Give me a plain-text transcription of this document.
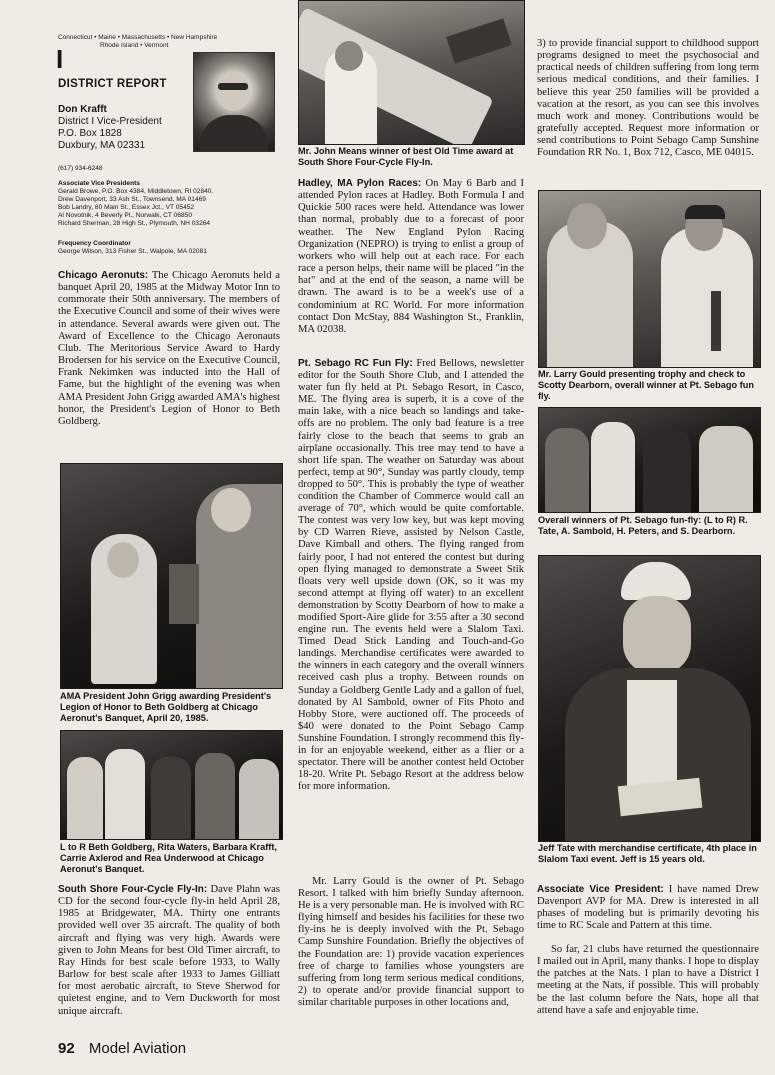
Connecticut • Maine • Massachusetts • New Hampshire
Rhode Island • Vermont
I
DISTRICT REPORT
Don Krafft
District I Vice-President
P.O. Box 1828
Duxbury, MA 02331
(617) 934-6248
Associate Vice Presidents
Gerald Browe, P.O. Box 4384, Middletown, RI 02840.
Drew Davenport, 33 Ash St., Townsend, MA 01469
Bob Landry, 80 Main St., Essex Jct., VT 05452
Al Novotnik, 4 Beverly Pl., Norwalk, CT 06850
Richard Sherman, 28 High St., Plymouth, NH 03264
Frequency Coordinator
George Wilson, 313 Fisher St., Walpole, MA 02081

Chicago Aeronuts: The Chicago Aeronuts held a banquet April 20, 1985 at the Midway Motor Inn to commorate their 50th anniversary. The members of the Executive Council and some of their wives were in attendance. Several awards were given out. The Award of Excellence to the Chicago Aeronauts Club. The Meritorious Service Award to Hardy Brodersen for his service on the Executive Council, Frank Nekimken was inducted into the Hall of Fame, but the highlight of the evening was when AMA President John Grigg awarded AMA's highest honor, the President's Legion of Honor to Beth Goldberg.

AMA President John Grigg awarding President's Legion of Honor to Beth Goldberg at Chicago Aeronut's Banquet, April 20, 1985.

L to R Beth Goldberg, Rita Waters, Barbara Krafft, Carrie Axlerod and Rea Underwood at Chicago Aeronut's Banquet.

South Shore Four-Cycle Fly-In: Dave Plahn was CD for the second four-cycle fly-in held April 28, 1985 at Bridgewater, MA. Thirty one entrants provided well over 35 aircraft. The quality of both aircraft and flying was very high. Awards were given to John Means for best Old Timer aircraft, to Ray Hinds for best scale before 1933, to Wally Barlow for best scale after 1933 to James Gilliatt for most aerobatic aircraft, to Steve Sherwod for quietest engine, and to Vern Duckworth for most unique aircraft.

Mr. John Means winner of best Old Time award at South Shore Four-Cycle Fly-In.

Hadley, MA Pylon Races: On May 6 Barb and I attended Pylon races at Hadley. Both Formula I and Quickie 500 races were held. Attendance was lower than normal, probably due to a forecast of poor weather. The New England Pylon Racing Organization (NEPRO) is trying to enlist a group of workers who will help out at each race. For each race a person helps, their name will be placed "in the hat" and at the end of the season, a name will be drawn. The award is to be a week's use of a condominium at RC World. For more information contact Don McStay, 884 Washington St., Franklin, MA 02038.

Pt. Sebago RC Fun Fly: Fred Bellows, newsletter editor for the South Shore Club, and I attended the water fun fly held at Pt. Sebago Resort, in Casco, ME. The flying area is superb, it is a cove of the main lake, with a nice beach so landings and take-offs are no problem. The only bad feature is a tree fairly close to the beach that seems to grab an airplane occasionally. This tree may tend to have a short life span. The weather on Saturday was about perfect, temp at 90°, Sunday was partly cloudy, temp dropped to 50°. This is probably the type of weather condition the Chamber of Commerce would call an average of 70°, which would be quite comfortable. The contest was very low key, but was kept moving by CD Warren Rieve, assisted by Nelson Castle, Dave Kimball and others. The flying ranged from fairly poor, I had not entered the contest but during open flying managed to demonstrate a Sweet Stik floats very well upside down (OK, so it was my second attempt at flying off water) to an excellent demonstration by Scotty Dearborn of how to make a modified Sport-Aire glide for 3:55 after a 30 second engine run. The events held were a Slalom Taxi. Timed Dead Stick Landing and Touch-and-Go landings. Merchandise certificates were awarded to the winners in each category and the overall winners received cash plus a trophy. Between rounds on Sunday a Goldberg Gentle Lady and a gallon of fuel, donated by Al Sambold, owner of Fits Photo and Hobby Store, were auctioned off. The proceeds of $40 were donated to the Point Sebago Camp Sunshine Foundation. I strongly recommend this fly-in for an enjoyable weekend, either as a flier or a spectator. There will be another contest held October 18-20. Write Pt. Sebago Resort at the address below for more information.

Mr. Larry Gould is the owner of Pt. Sebago Resort. I talked with him briefly Sunday afternoon. He is a very personable man. He is involved with RC flying himself and besides his facilities for these two fly-ins he is deeply involved with the Pt. Sebago Camp Sunshire Foundation. Briefly the objectives of the Foundation are: 1) provide vacation experiences free of charge to families whose youngsters are suffering from long term serious medical conditions, 2) to operate and/or provide financial support to similar charitable purposes in other locations and,

3) to provide financial support to childhood support programs designed to meet the psychosocial and practical needs of children suffering from long term serious medical conditions, and their families. I believe this year 250 families will be provided a vacation at the resort, as you can see this involves much work and money. Contributions would be gratefully accepted. Request more information or send contributions to Point Sebago Camp Sunshine Foundation RR No. 1, Box 712, Casco, ME 04015.

Mr. Larry Gould presenting trophy and check to Scotty Dearborn, overall winner at Pt. Sebago fun fly.

Overall winners of Pt. Sebago fun-fly: (L to R) R. Tate, A. Sambold, H. Peters, and S. Dearborn.

Jeff Tate with merchandise certificate, 4th place in Slalom Taxi event. Jeff is 15 years old.

Associate Vice President: I have named Drew Davenport AVP for MA. Drew is interested in all phases of modeling but is primarily devoting his time to RC Scale and Pattern at this time.

So far, 21 clubs have returned the questionnaire I mailed out in April, many thanks. I hope to display the patches at the Nats. I plan to have a District I meeting at the Nats, if possible. This will probably be the last column before the Nats, hope all that attend have a safe and enjoyable time.

92 Model Aviation
